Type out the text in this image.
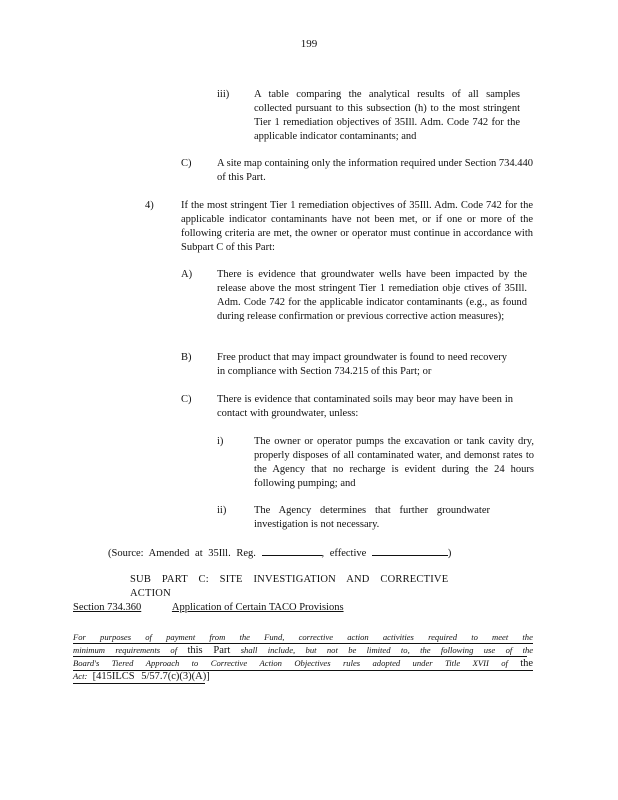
199
iii) A table comparing the analytical results of all samples collected pursuant to this subsection (h) to the most stringent Tier 1 remediation objectives of 35Ill. Adm. Code 742 for the applicable indicator contaminants; and
C) A site map containing only the information required under Section 734.440 of this Part.
4)	If the most stringent Tier 1 remediation objectives of 35Ill. Adm. Code 742 for the applicable indicator contaminants have not been met, or if one or more of the following criteria are met, the owner or operator must continue in accordance with Subpart C of this Part:
A) There is evidence that groundwater wells have been impacted by the release above the most stringent Tier 1 remediation obje ctives of 35Ill. Adm. Code 742 for the applicable indicator contaminants (e.g., as found during release confirmation or previous corrective action measures);
B) Free product that may impact groundwater is found to need recovery in compliance with Section 734.215 of this Part; or
C) There is evidence that contaminated soils may beor may have been in contact with groundwater, unless:
i)	The owner or operator pumps the excavation or tank cavity dry, properly disposes of all contaminated water, and demonst rates to the Agency that no recharge is evident during the 24 hours following pumping; and
ii)	The Agency determines that further groundwater investigation is not necessary.
(Source: Amended at 35Ill. Reg.	, effective	)
SUB PART C: SITE INVESTIGATION AND CORRECTIVE ACTION
Section 734.360	Application of Certain TACO Provisions
For purposes of payment from the Fund, corrective action activities required to meet the
minimum requirements of this Part shall include, but not be limited to, the following use of the
Board's Tiered Approach to Corrective Action Objectives rules adopted under Title XVII of the
Act: [415ILCS 5/57.7(c)(3)(A)]
